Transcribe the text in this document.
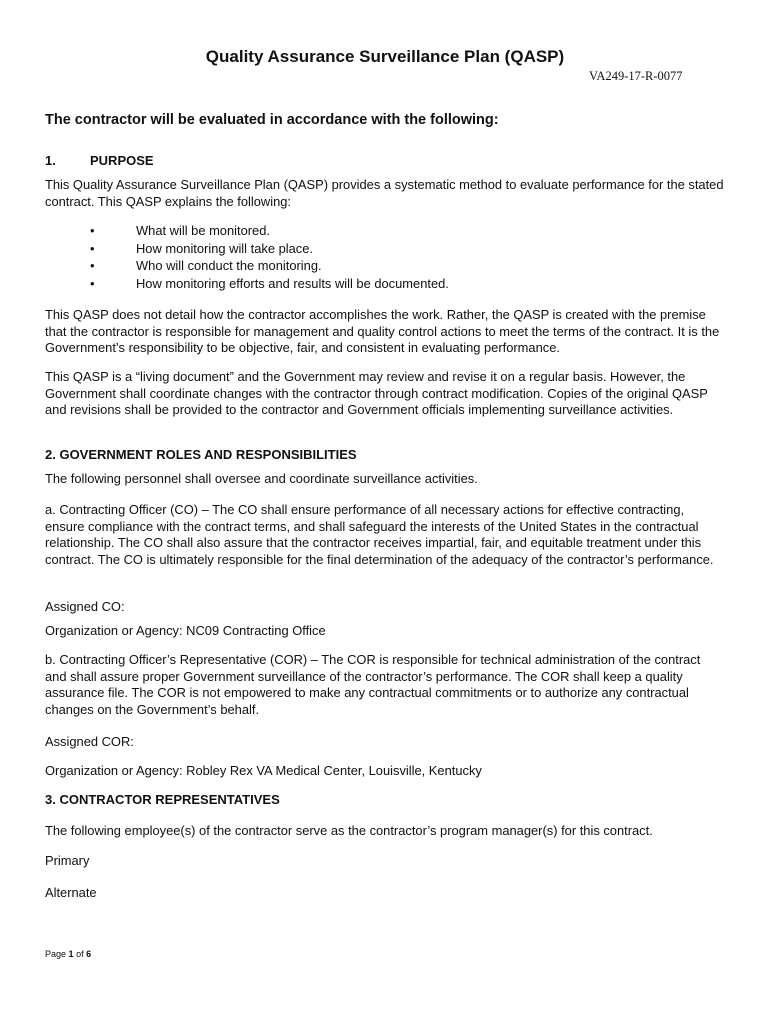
Quality Assurance Surveillance Plan (QASP)

VA249-17-R-0077

The contractor will be evaluated in accordance with the following:

1.	PURPOSE

This Quality Assurance Surveillance Plan (QASP) provides a systematic method to evaluate performance for the stated contract. This QASP explains the following:

•	What will be monitored.
•	How monitoring will take place.
•	Who will conduct the monitoring.
•	How monitoring efforts and results will be documented.

This QASP does not detail how the contractor accomplishes the work. Rather, the QASP is created with the premise that the contractor is responsible for management and quality control actions to meet the terms of the contract. It is the Government’s responsibility to be objective, fair, and consistent in evaluating performance.

This QASP is a “living document” and the Government may review and revise it on a regular basis. However, the Government shall coordinate changes with the contractor through contract modification. Copies of the original QASP and revisions shall be provided to the contractor and Government officials implementing surveillance activities.

2. GOVERNMENT ROLES AND RESPONSIBILITIES

The following personnel shall oversee and coordinate surveillance activities.

a. Contracting Officer (CO) – The CO shall ensure performance of all necessary actions for effective contracting, ensure compliance with the contract terms, and shall safeguard the interests of the United States in the contractual relationship. The CO shall also assure that the contractor receives impartial, fair, and equitable treatment under this contract. The CO is ultimately responsible for the final determination of the adequacy of the contractor’s performance.

Assigned CO:

Organization or Agency: NC09 Contracting Office

b. Contracting Officer’s Representative (COR) – The COR is responsible for technical administration of the contract and shall assure proper Government surveillance of the contractor’s performance. The COR shall keep a quality assurance file. The COR is not empowered to make any contractual commitments or to authorize any contractual changes on the Government’s behalf.

Assigned COR:

Organization or Agency: Robley Rex VA Medical Center, Louisville, Kentucky

3. CONTRACTOR REPRESENTATIVES

The following employee(s) of the contractor serve as the contractor’s program manager(s) for this contract.

Primary

Alternate

Page 1 of 6
